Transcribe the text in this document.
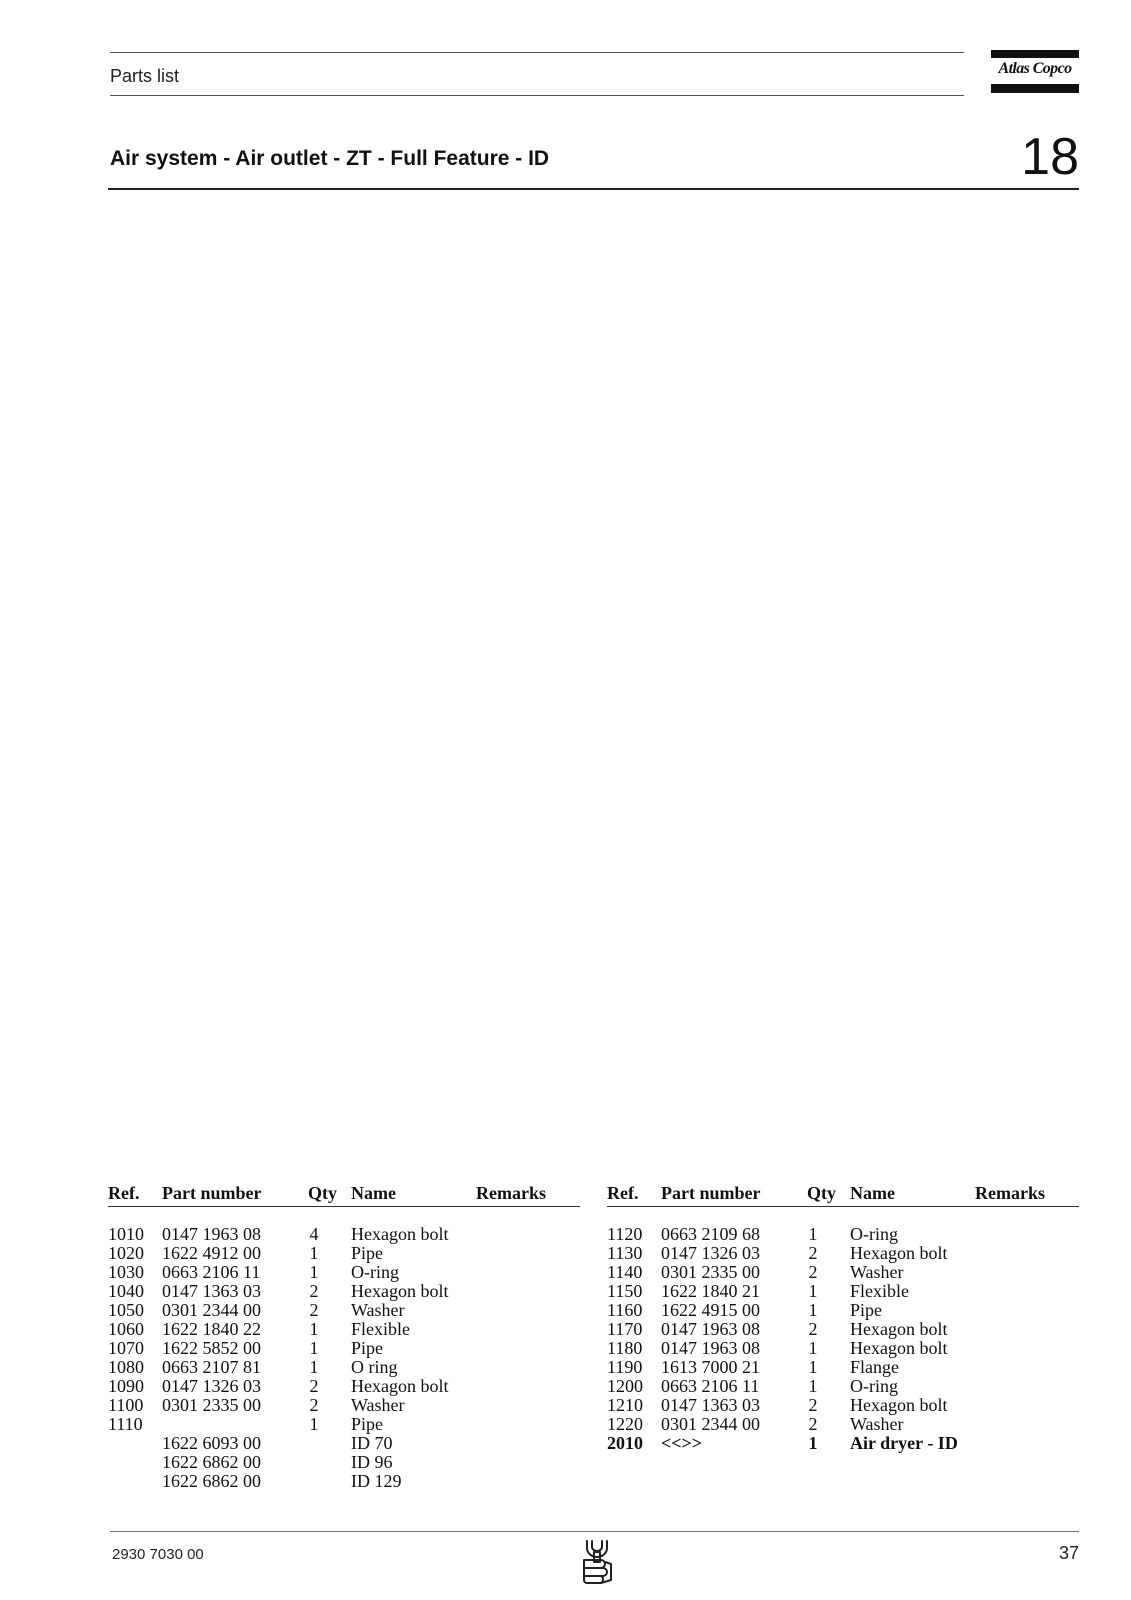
Parts list	Atlas Copco
Air system - Air outlet - ZT - Full Feature - ID	18
Ref. Part number	Qty Name	Remarks
1010 0147 1963 08	4 Hexagon bolt
1020 1622 4912 00	1 Pipe
1030 0663 2106 11	1 O-ring
1040 0147 1363 03	2 Hexagon bolt
1050 0301 2344 00	2 Washer
1060 1622 1840 22	1 Flexible
1070 1622 5852 00	1 Pipe
1080 0663 2107 81	1 O ring
1090 0147 1326 03	2 Hexagon bolt
1100 0301 2335 00	2 Washer
1110	1 Pipe
1622 6093 00	ID 70
1622 6862 00	ID 96
1622 6862 00	ID 129
Ref. Part number	Qty Name	Remarks
1120 0663 2109 68	1 O-ring
1130 0147 1326 03	2 Hexagon bolt
1140 0301 2335 00	2 Washer
1150 1622 1840 21	1 Flexible
1160 1622 4915 00	1 Pipe
1170 0147 1963 08	2 Hexagon bolt
1180 0147 1963 08	1 Hexagon bolt
1190 1613 7000 21	1 Flange
1200 0663 2106 11	1 O-ring
1210 0147 1363 03	2 Hexagon bolt
1220 0301 2344 00	2 Washer
2010 <<>>	1 Air dryer - ID
2930 7030 00	37
